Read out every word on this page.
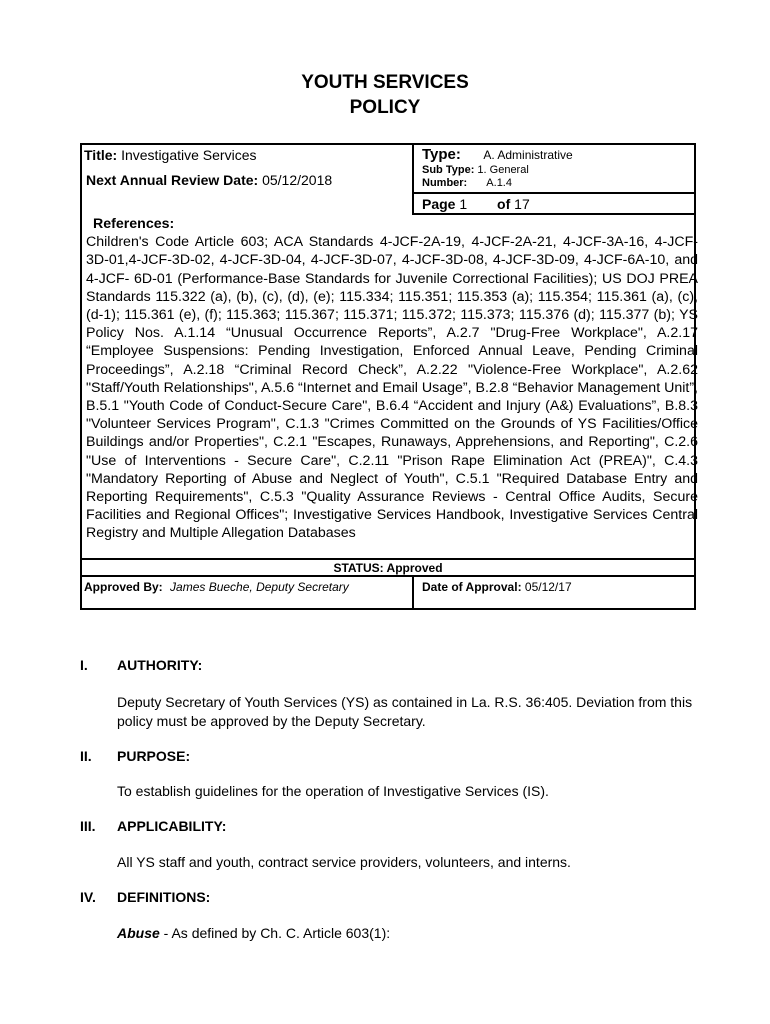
YOUTH SERVICES
POLICY
Title: Investigative Services
Next Annual Review Date: 05/12/2018
Type: A. Administrative
Sub Type: 1. General
Number: A.1.4
Page 1 of 17
References:
Children's Code Article 603; ACA Standards 4-JCF-2A-19, 4-JCF-2A-21, 4-JCF-3A-16, 4-JCF-3D-01,4-JCF-3D-02, 4-JCF-3D-04, 4-JCF-3D-07, 4-JCF-3D-08, 4-JCF-3D-09, 4-JCF-6A-10, and 4-JCF- 6D-01 (Performance-Base Standards for Juvenile Correctional Facilities); US DOJ PREA Standards 115.322 (a), (b), (c), (d), (e); 115.334; 115.351; 115.353 (a); 115.354; 115.361 (a), (c), (d-1); 115.361 (e), (f); 115.363; 115.367; 115.371; 115.372; 115.373; 115.376 (d); 115.377 (b); YS Policy Nos. A.1.14 “Unusual Occurrence Reports”, A.2.7 "Drug-Free Workplace", A.2.17 “Employee Suspensions: Pending Investigation, Enforced Annual Leave, Pending Criminal Proceedings”, A.2.18 “Criminal Record Check”, A.2.22 "Violence-Free Workplace", A.2.62 "Staff/Youth Relationships", A.5.6 “Internet and Email Usage”, B.2.8 “Behavior Management Unit”, B.5.1 "Youth Code of Conduct-Secure Care", B.6.4 “Accident and Injury (A&) Evaluations”, B.8.3 "Volunteer Services Program", C.1.3 "Crimes Committed on the Grounds of YS Facilities/Office Buildings and/or Properties", C.2.1 "Escapes, Runaways, Apprehensions, and Reporting", C.2.6 "Use of Interventions - Secure Care", C.2.11 "Prison Rape Elimination Act (PREA)", C.4.3 "Mandatory Reporting of Abuse and Neglect of Youth", C.5.1 "Required Database Entry and Reporting Requirements", C.5.3 "Quality Assurance Reviews - Central Office Audits, Secure Facilities and Regional Offices"; Investigative Services Handbook, Investigative Services Central Registry and Multiple Allegation Databases
STATUS: Approved
Approved By: James Bueche, Deputy Secretary	Date of Approval: 05/12/17
I. AUTHORITY:
Deputy Secretary of Youth Services (YS) as contained in La. R.S. 36:405. Deviation from this policy must be approved by the Deputy Secretary.
II. PURPOSE:
To establish guidelines for the operation of Investigative Services (IS).
III. APPLICABILITY:
All YS staff and youth, contract service providers, volunteers, and interns.
IV. DEFINITIONS:
Abuse - As defined by Ch. C. Article 603(1):
